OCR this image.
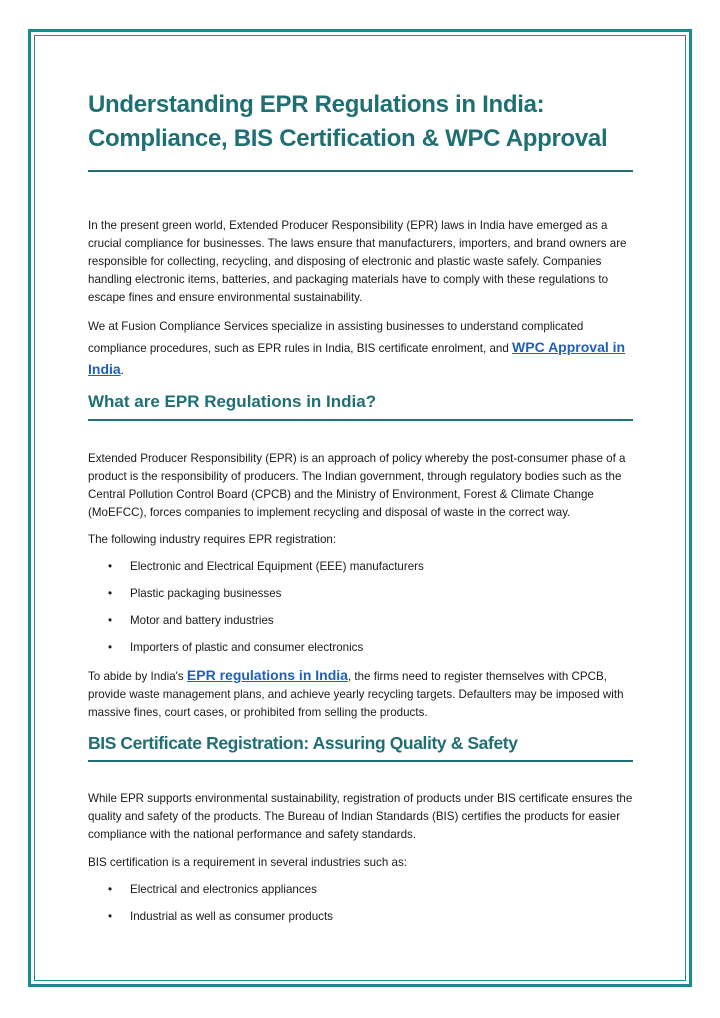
Understanding EPR Regulations in India:
Compliance, BIS Certification & WPC Approval

In the present green world, Extended Producer Responsibility (EPR) laws in India have emerged as a crucial compliance for businesses. The laws ensure that manufacturers, importers, and brand owners are responsible for collecting, recycling, and disposing of electronic and plastic waste safely. Companies handling electronic items, batteries, and packaging materials have to comply with these regulations to escape fines and ensure environmental sustainability.

We at Fusion Compliance Services specialize in assisting businesses to understand complicated compliance procedures, such as EPR rules in India, BIS certificate enrolment, and WPC Approval in India.

What are EPR Regulations in India?

Extended Producer Responsibility (EPR) is an approach of policy whereby the post-consumer phase of a product is the responsibility of producers. The Indian government, through regulatory bodies such as the Central Pollution Control Board (CPCB) and the Ministry of Environment, Forest & Climate Change (MoEFCC), forces companies to implement recycling and disposal of waste in the correct way.

The following industry requires EPR registration:

• Electronic and Electrical Equipment (EEE) manufacturers
• Plastic packaging businesses
• Motor and battery industries
• Importers of plastic and consumer electronics

To abide by India's EPR regulations in India, the firms need to register themselves with CPCB, provide waste management plans, and achieve yearly recycling targets. Defaulters may be imposed with massive fines, court cases, or prohibited from selling the products.

BIS Certificate Registration: Assuring Quality & Safety

While EPR supports environmental sustainability, registration of products under BIS certificate ensures the quality and safety of the products. The Bureau of Indian Standards (BIS) certifies the products for easier compliance with the national performance and safety standards.

BIS certification is a requirement in several industries such as:

• Electrical and electronics appliances
• Industrial as well as consumer products
